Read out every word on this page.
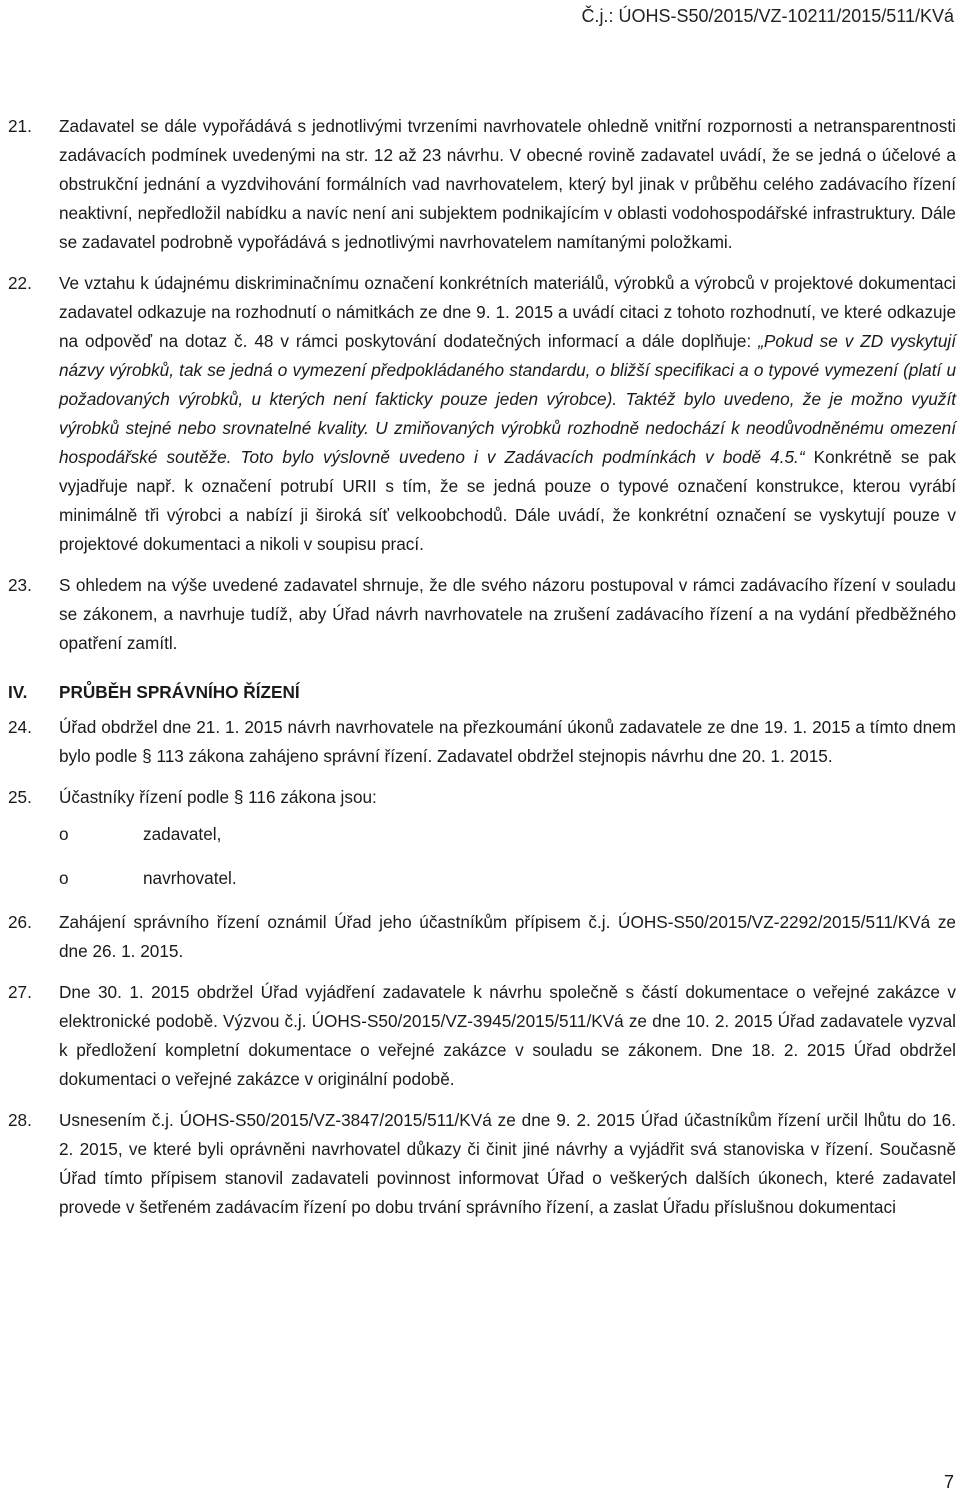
Č.j.: ÚOHS-S50/2015/VZ-10211/2015/511/KVá
21. Zadavatel se dále vypořádává s jednotlivými tvrzeními navrhovatele ohledně vnitřní rozpornosti a netransparentnosti zadávacích podmínek uvedenými na str. 12 až 23 návrhu. V obecné rovině zadavatel uvádí, že se jedná o účelové a obstrukční jednání a vyzdvihování formálních vad navrhovatelem, který byl jinak v průběhu celého zadávacího řízení neaktivní, nepředložil nabídku a navíc není ani subjektem podnikajícím v oblasti vodohospodářské infrastruktury. Dále se zadavatel podrobně vypořádává s jednotlivými navrhovatelem namítanými položkami.
22. Ve vztahu k údajnému diskriminačnímu označení konkrétních materiálů, výrobků a výrobců v projektové dokumentaci zadavatel odkazuje na rozhodnutí o námitkách ze dne 9. 1. 2015 a uvádí citaci z tohoto rozhodnutí, ve které odkazuje na odpověď na dotaz č. 48 v rámci poskytování dodatečných informací a dále doplňuje: „Pokud se v ZD vyskytují názvy výrobků, tak se jedná o vymezení předpokládaného standardu, o bližší specifikaci a o typové vymezení (platí u požadovaných výrobků, u kterých není fakticky pouze jeden výrobce). Taktéž bylo uvedeno, že je možno využít výrobků stejné nebo srovnatelné kvality. U zmiňovaných výrobků rozhodně nedochází k neodůvodněnému omezení hospodářské soutěže. Toto bylo výslovně uvedeno i v Zadávacích podmínkách v bodě 4.5.“ Konkrétně se pak vyjadřuje např. k označení potrubí URII s tím, že se jedná pouze o typové označení konstrukce, kterou vyrábí minimálně tři výrobci a nabízí ji široká síť velkoobchodů. Dále uvádí, že konkrétní označení se vyskytují pouze v projektové dokumentaci a nikoli v soupisu prací.
23. S ohledem na výše uvedené zadavatel shrnuje, že dle svého názoru postupoval v rámci zadávacího řízení v souladu se zákonem, a navrhuje tudíž, aby Úřad návrh navrhovatele na zrušení zadávacího řízení a na vydání předběžného opatření zamítl.
IV. PRŮBĚH SPRÁVNÍHO ŘÍZENÍ
24. Úřad obdržel dne 21. 1. 2015 návrh navrhovatele na přezkoumání úkonů zadavatele ze dne 19. 1. 2015 a tímto dnem bylo podle § 113 zákona zahájeno správní řízení. Zadavatel obdržel stejnopis návrhu dne 20. 1. 2015.
25. Účastníky řízení podle § 116 zákona jsou:
o	zadavatel,
o	navrhovatel.
26. Zahájení správního řízení oznámil Úřad jeho účastníkům přípisem č.j. ÚOHS-S50/2015/VZ-2292/2015/511/KVá ze dne 26. 1. 2015.
27. Dne 30. 1. 2015 obdržel Úřad vyjádření zadavatele k návrhu společně s částí dokumentace o veřejné zakázce v elektronické podobě. Výzvou č.j. ÚOHS-S50/2015/VZ-3945/2015/511/KVá ze dne 10. 2. 2015 Úřad zadavatele vyzval k předložení kompletní dokumentace o veřejné zakázce v souladu se zákonem. Dne 18. 2. 2015 Úřad obdržel dokumentaci o veřejné zakázce v originální podobě.
28. Usnesením č.j. ÚOHS-S50/2015/VZ-3847/2015/511/KVá ze dne 9. 2. 2015 Úřad účastníkům řízení určil lhůtu do 16. 2. 2015, ve které byli oprávněni navrhovatel důkazy či činit jiné návrhy a vyjádřit svá stanoviska v řízení. Současně Úřad tímto přípisem stanovil zadavateli povinnost informovat Úřad o veškerých dalších úkonech, které zadavatel provede v šetřeném zadávacím řízení po dobu trvání správního řízení, a zaslat Úřadu příslušnou dokumentaci
7
